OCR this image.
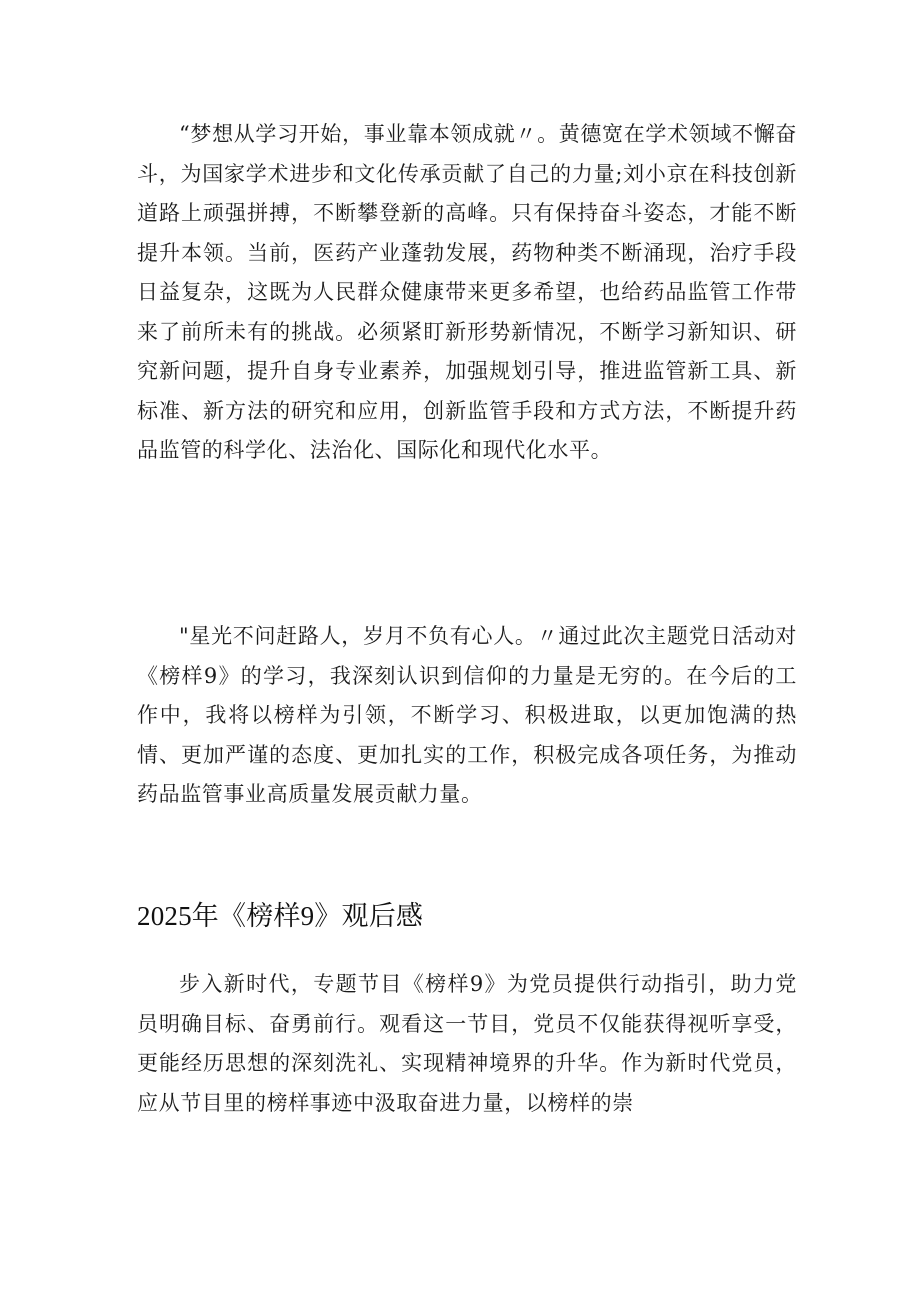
“梦想从学习开始，事业靠本领成就〃。黄德宽在学术领域不懈奋斗，为国家学术进步和文化传承贡献了自己的力量;刘小京在科技创新道路上顽强拼搏，不断攀登新的高峰。只有保持奋斗姿态，才能不断提升本领。当前，医药产业蓬勃发展，药物种类不断涌现，治疗手段日益复杂，这既为人民群众健康带来更多希望，也给药品监管工作带来了前所未有的挑战。必须紧盯新形势新情况，不断学习新知识、研究新问题，提升自身专业素养，加强规划引导，推进监管新工具、新标准、新方法的研究和应用，创新监管手段和方式方法，不断提升药品监管的科学化、法治化、国际化和现代化水平。

"星光不问赶路人，岁月不负有心人。〃通过此次主题党日活动对《榜样9》的学习，我深刻认识到信仰的力量是无穷的。在今后的工作中，我将以榜样为引领，不断学习、积极进取，以更加饱满的热情、更加严谨的态度、更加扎实的工作，积极完成各项任务，为推动药品监管事业高质量发展贡献力量。

2025年《榜样9》观后感

步入新时代，专题节目《榜样9》为党员提供行动指引，助力党员明确目标、奋勇前行。观看这一节目，党员不仅能获得视听享受，更能经历思想的深刻洗礼、实现精神境界的升华。作为新时代党员，应从节目里的榜样事迹中汲取奋进力量，以榜样的崇
